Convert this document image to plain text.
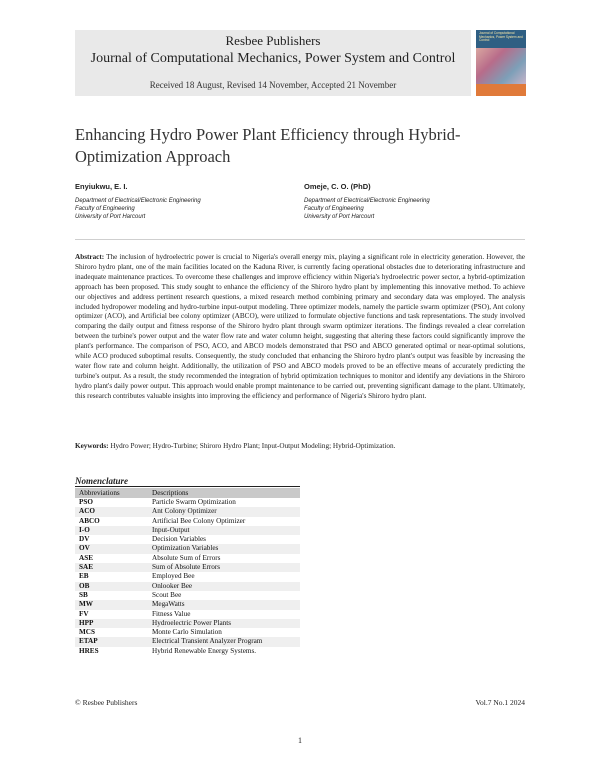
Resbee Publishers
Journal of Computational Mechanics, Power System and Control
Received 18 August, Revised 14 November, Accepted 21 November
Journal of Computational Mechanics, Power System and Control
Enhancing Hydro Power Plant Efficiency through Hybrid-Optimization Approach
Enyiukwu, E. I.
Department of Electrical/Electronic Engineering
Faculty of Engineering
University of Port Harcourt
Omeje, C. O. (PhD)
Department of Electrical/Electronic Engineering
Faculty of Engineering
University of Port Harcourt
Abstract: The inclusion of hydroelectric power is crucial to Nigeria's overall energy mix, playing a significant role in electricity generation. However, the Shiroro hydro plant, one of the main facilities located on the Kaduna River, is currently facing operational obstacles due to deteriorating infrastructure and inadequate maintenance practices. To overcome these challenges and improve efficiency within Nigeria's hydroelectric power sector, a hybrid-optimization approach has been proposed. This study sought to enhance the efficiency of the Shiroro hydro plant by implementing this innovative method. To achieve our objectives and address pertinent research questions, a mixed research method combining primary and secondary data was employed. The analysis included hydropower modeling and hydro-turbine input-output modeling. Three optimizer models, namely the particle swarm optimizer (PSO), Ant colony optimizer (ACO), and Artificial bee colony optimizer (ABCO), were utilized to formulate objective functions and task representations. The study involved comparing the daily output and fitness response of the Shiroro hydro plant through swarm optimizer iterations. The findings revealed a clear correlation between the turbine's power output and the water flow rate and water column height, suggesting that altering these factors could significantly improve the plant's performance. The comparison of PSO, ACO, and ABCO models demonstrated that PSO and ABCO generated optimal or near-optimal solutions, while ACO produced suboptimal results. Consequently, the study concluded that enhancing the Shiroro hydro plant's output was feasible by increasing the water flow rate and column height. Additionally, the utilization of PSO and ABCO models proved to be an effective means of accurately predicting the turbine's output. As a result, the study recommended the integration of hybrid optimization techniques to monitor and identify any deviations in the Shiroro hydro plant's daily power output. This approach would enable prompt maintenance to be carried out, preventing significant damage to the plant. Ultimately, this research contributes valuable insights into improving the efficiency and performance of Nigeria's Shiroro hydro plant.
Keywords: Hydro Power; Hydro-Turbine; Shiroro Hydro Plant; Input-Output Modeling; Hybrid-Optimization.
Nomenclature
Abbreviations	Descriptions
PSO	Particle Swarm Optimization
ACO	Ant Colony Optimizer
ABCO	Artificial Bee Colony Optimizer
I-O	Input-Output
DV	Decision Variables
OV	Optimization Variables
ASE	Absolute Sum of Errors
SAE	Sum of Absolute Errors
EB	Employed Bee
OB	Onlooker Bee
SB	Scout Bee
MW	MegaWatts
FV	Fitness Value
HPP	Hydroelectric Power Plants
MCS	Monte Carlo Simulation
ETAP	Electrical Transient Analyzer Program
HRES	Hybrid Renewable Energy Systems.
© Resbee Publishers	Vol.7 No.1 2024
1
